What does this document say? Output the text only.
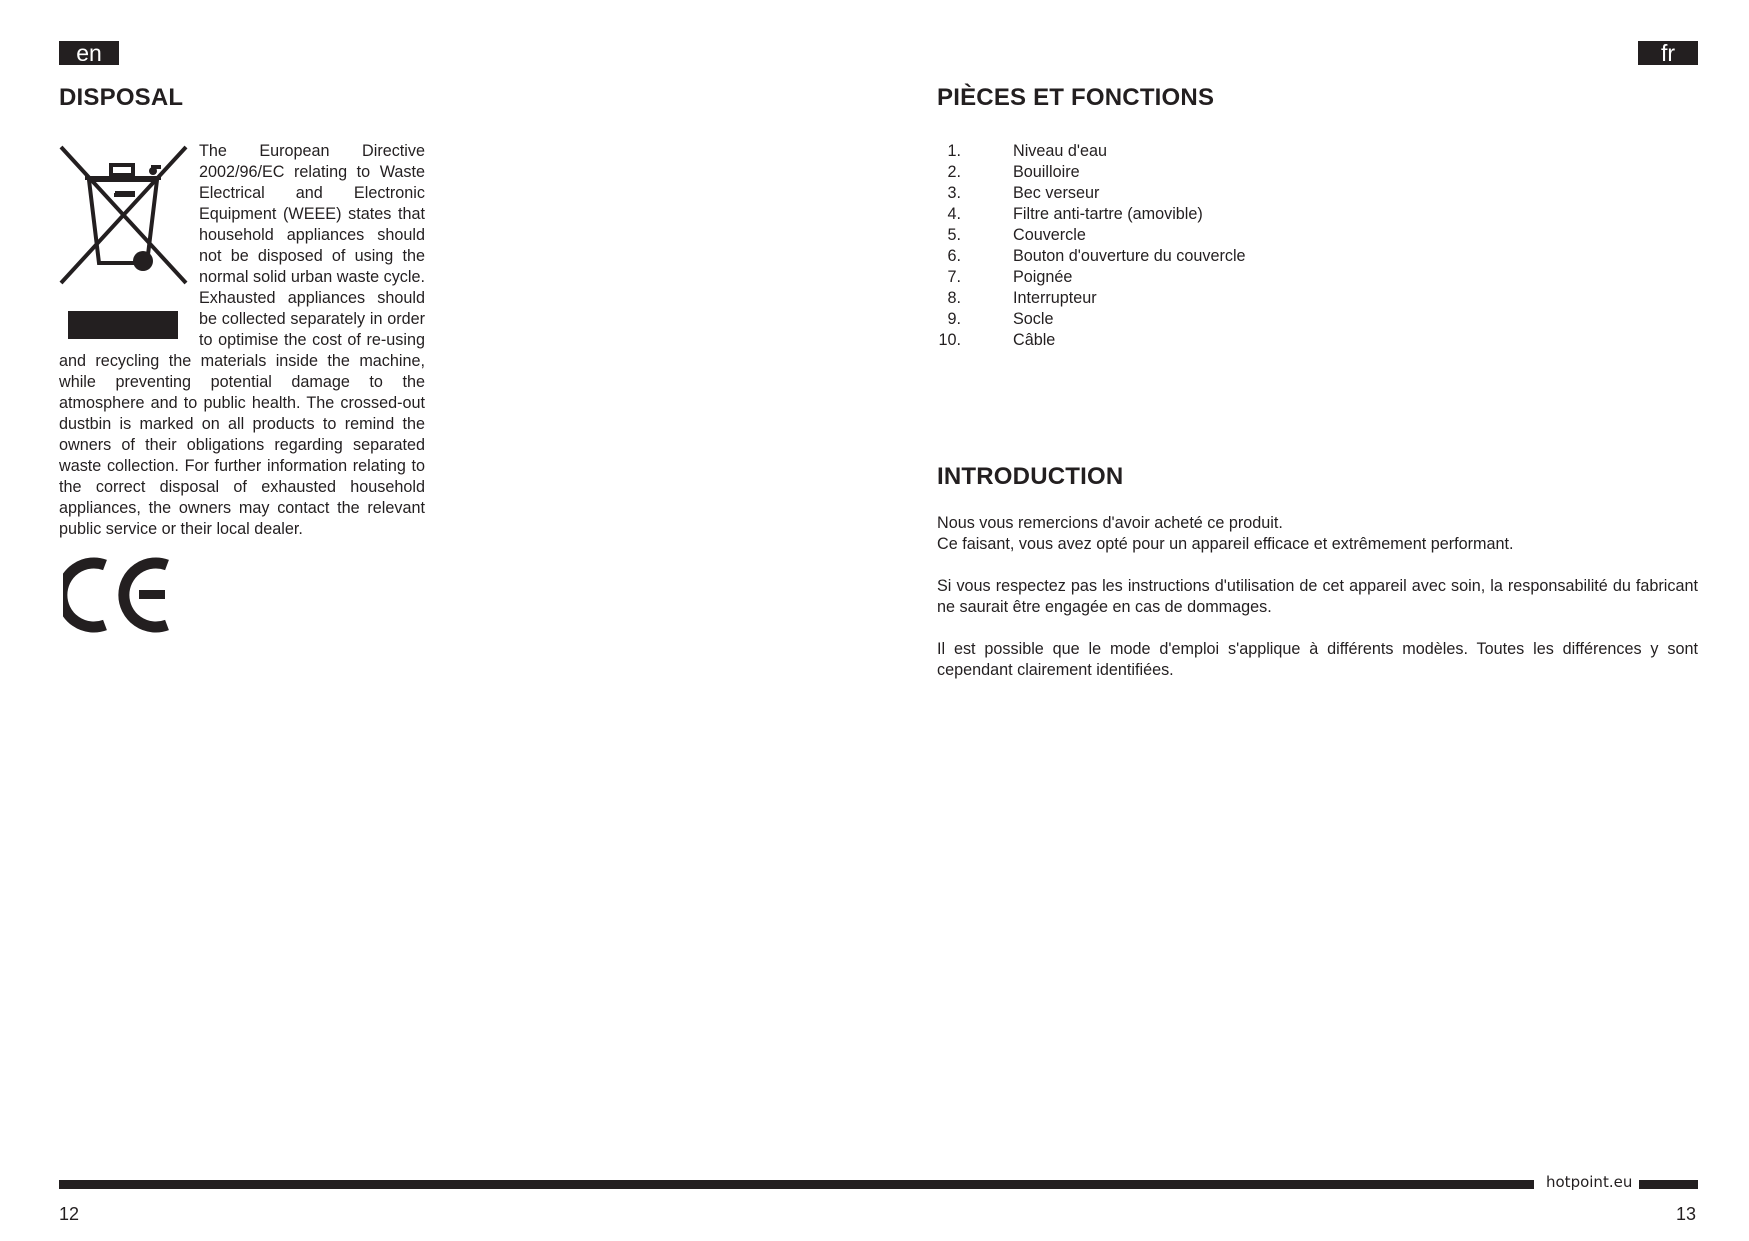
en	fr
DISPOSAL
The European Directive 2002/96/EC relating to Waste Electrical and Electronic Equipment (WEEE) states that household appliances should not be disposed of using the normal solid urban waste cycle. Exhausted appliances should be collected separately in order to optimise the cost of re-using and recycling the materials inside the machine, while preventing potential damage to the atmosphere and to public health. The crossed-out dustbin is marked on all products to remind the owners of their obligations regarding separated waste collection. For further information relating to the correct disposal of exhausted household appliances, the owners may contact the relevant public service or their local dealer.
PIÈCES ET FONCTIONS
1.	Niveau d'eau
2.	Bouilloire
3.	Bec verseur
4.	Filtre anti-tartre (amovible)
5.	Couvercle
6.	Bouton d'ouverture du couvercle
7.	Poignée
8.	Interrupteur
9.	Socle
10.	Câble
INTRODUCTION

Nous vous remercions d'avoir acheté ce produit.
Ce faisant, vous avez opté pour un appareil efficace et extrêmement performant.

Si vous respectez pas les instructions d'utilisation de cet appareil avec soin, la responsabilité du fabricant ne saurait être engagée en cas de dommages.

Il est possible que le mode d'emploi s'applique à différents modèles. Toutes les différences y sont cependant clairement identifiées.

hotpoint.eu
12	13
